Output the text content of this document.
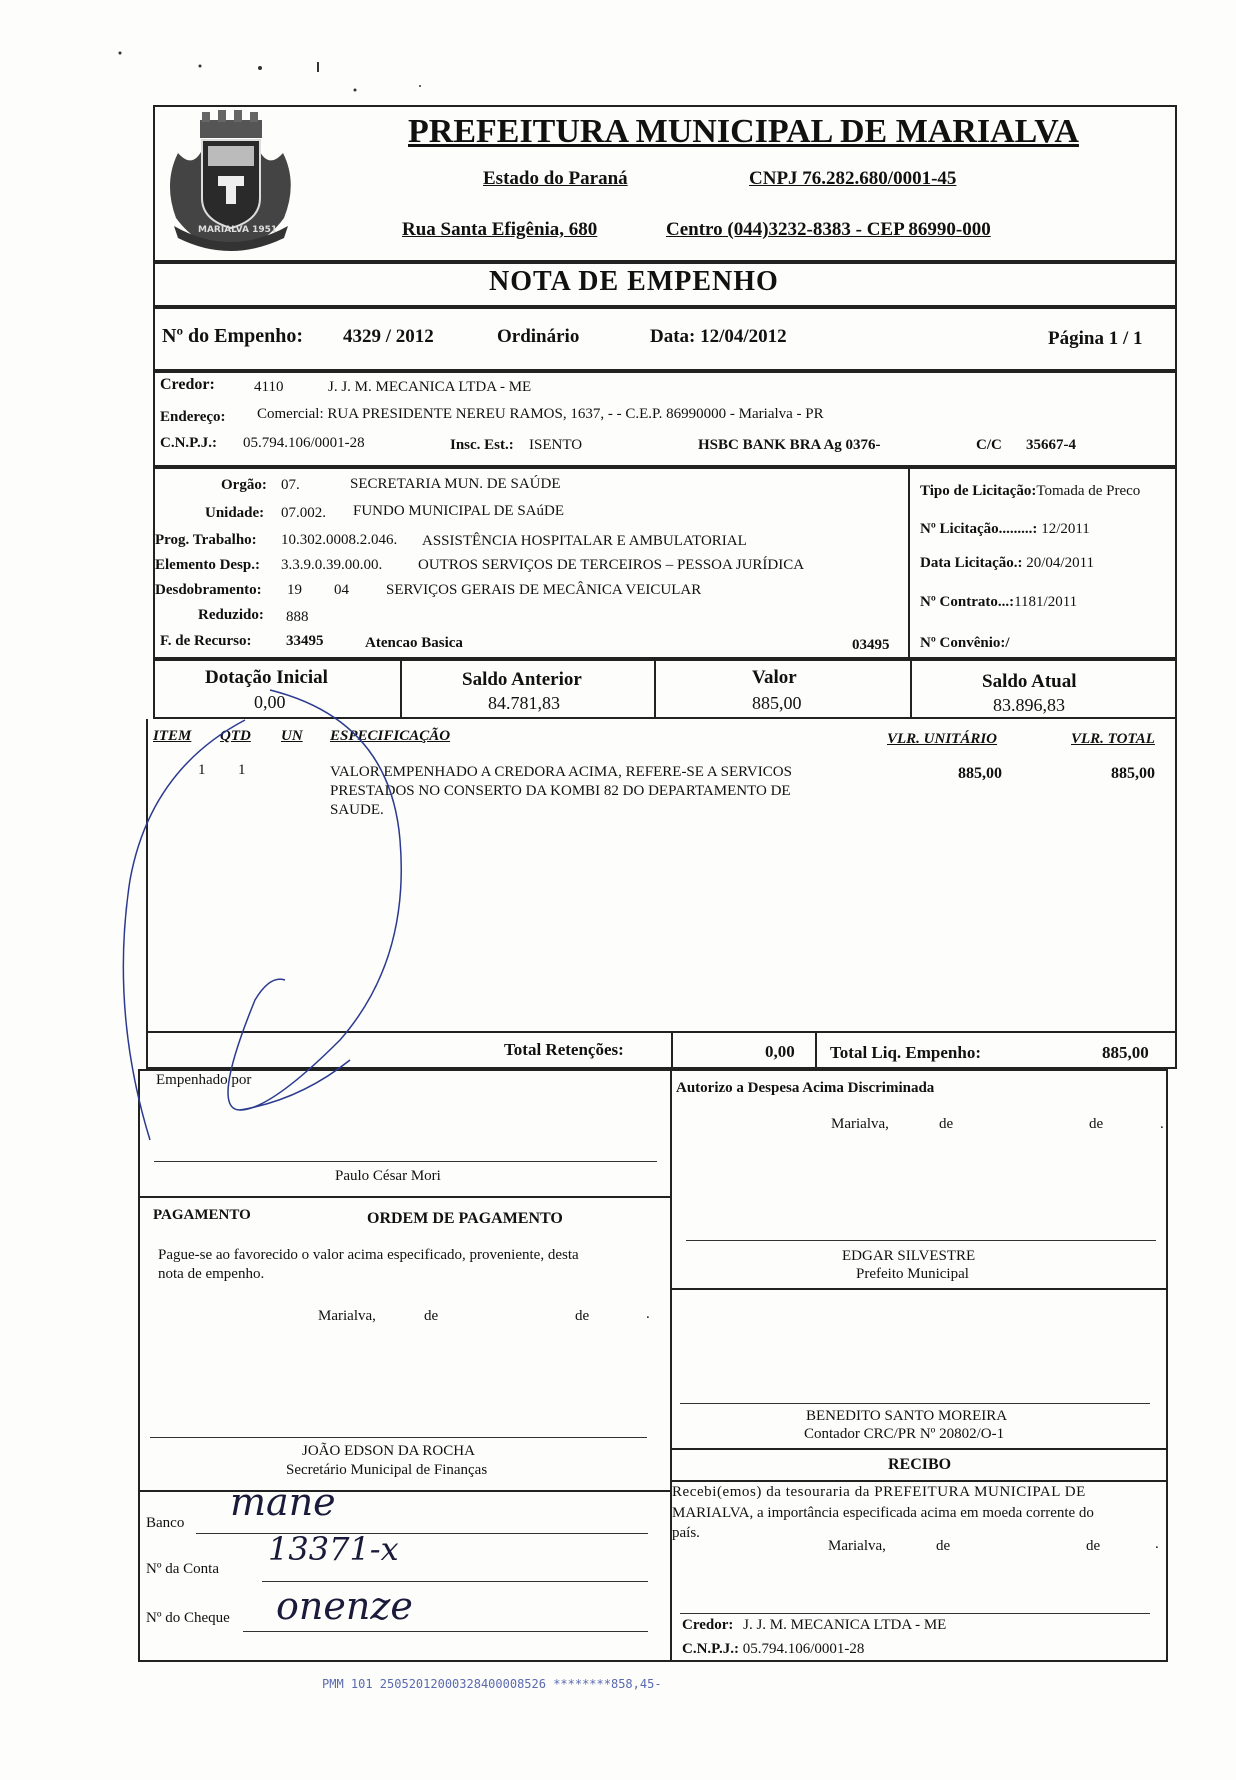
MARIALVA 1951
PREFEITURA MUNICIPAL DE MARIALVA
Estado do Paraná	CNPJ 76.282.680/0001-45
Rua Santa Efigênia, 680	Centro (044)3232-8383 - CEP 86990-000
NOTA DE EMPENHO
Nº do Empenho: 4329 / 2012	Ordinário	Data: 12/04/2012	Página 1 / 1
Credor:	4110	J. J. M. MECANICA LTDA - ME
Endereço: Comercial: RUA PRESIDENTE NEREU RAMOS, 1637, - - C.E.P. 86990000 - Marialva - PR
C.N.P.J.: 05.794.106/0001-28	Insc. Est.: ISENTO	HSBC BANK BRA Ag 0376-	C/C 35667-4
Orgão: 07.	SECRETARIA MUN. DE SAÚDE
Unidade: 07.002. FUNDO MUNICIPAL DE SAúDE
Prog. Trabalho: 10.302.0008.2.046. ASSISTÊNCIA HOSPITALAR E AMBULATORIAL
Elemento Desp.: 3.3.9.0.39.00.00. OUTROS SERVIÇOS DE TERCEIROS – PESSOA JURÍDICA
Desdobramento: 19 04 SERVIÇOS GERAIS DE MECÂNICA VEICULAR
Reduzido: 888
F. de Recurso: 33495	Atencao Basica	03495
Tipo de Licitação:Tomada de Preco
Nº Licitação.........: 12/2011
Data Licitação.: 20/04/2011
Nº Contrato...:1181/2011
Nº Convênio:/
Dotação Inicial
0,00
Saldo Anterior
84.781,83
Valor
885,00
Saldo Atual
83.896,83
ITEM QTD UN ESPECIFICAÇÃO	VLR. UNITÁRIO	VLR. TOTAL
1 1	VALOR EMPENHADO A CREDORA ACIMA, REFERE-SE A SERVICOS
PRESTADOS NO CONSERTO DA KOMBI 82 DO DEPARTAMENTO DE
SAUDE.
885,00	885,00
Total Retenções:	0,00 Total Liq. Empenho:	885,00
Empenhado por
Paulo César Mori
Autorizo a Despesa Acima Discriminada
Marialva,	de	de	.
EDGAR SILVESTRE
Prefeito Municipal
PAGAMENTO	ORDEM DE PAGAMENTO
Pague-se ao favorecido o valor acima especificado, proveniente, desta
nota de empenho.
Marialva,	de	de	.
JOÃO EDSON DA ROCHA
Secretário Municipal de Finanças
BENEDITO SANTO MOREIRA
Contador CRC/PR Nº 20802/O-1
RECIBO
Recebi(emos) da tesouraria da PREFEITURA MUNICIPAL DE
MARIALVA, a importância especificada acima em moeda corrente do
país.
Marialva,	de	de	.
Credor: J. J. M. MECANICA LTDA - ME
C.N.P.J.: 05.794.106/0001-28
Banco mane
Nº da Conta
13371-x
Nº do Cheque onenze
PMM 101 25052012000328400008526 ********858,45-
